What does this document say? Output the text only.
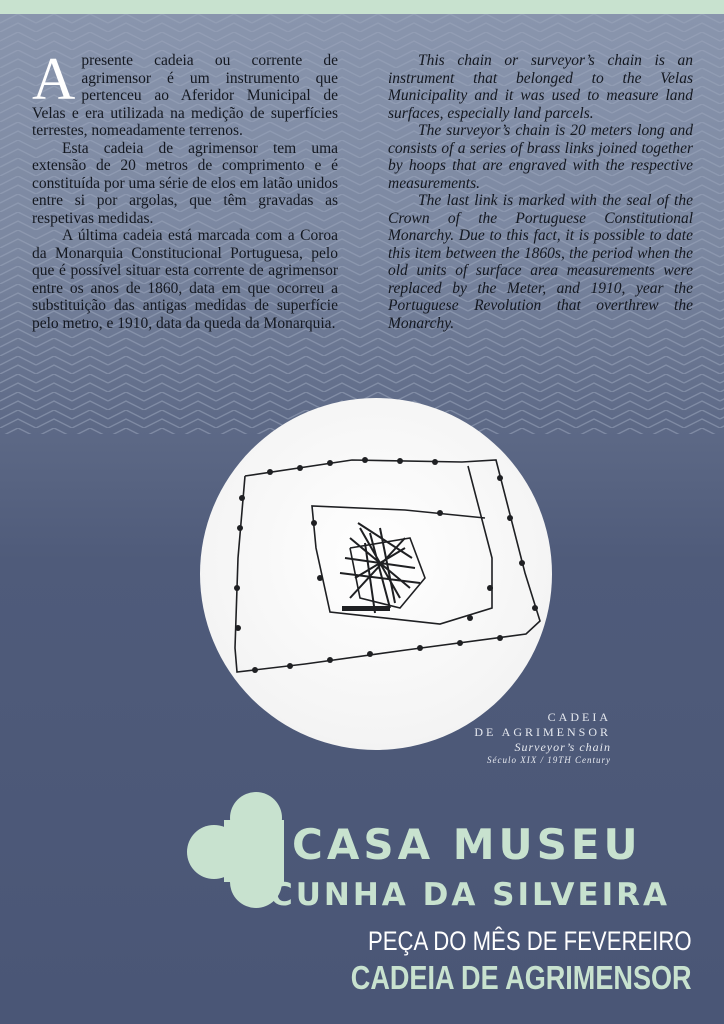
Apresente cadeia ou corrente de agrimensor é um instrumento que pertenceu ao Aferidor Municipal de Velas e era utilizada na medição de superfícies terrestes, nomeadamente terrenos.

Esta cadeia de agrimensor tem uma extensão de 20 metros de comprimento e é constituída por uma série de elos em latão unidos entre si por argolas, que têm gravadas as respetivas medidas.

A última cadeia está marcada com a Coroa da Monarquia Constitucional Portuguesa, pelo que é possível situar esta corrente de agrimensor entre os anos de 1860, data em que ocorreu a substituição das antigas medidas de superfície pelo metro, e 1910, data da queda da Monarquia.

This chain or surveyor’s chain is an instrument that belonged to the Velas Municipality and it was used to measure land surfaces, especially land parcels.

The surveyor’s chain is 20 meters long and consists of a series of brass links joined together by hoops that are engraved with the respective measurements.

The last link is marked with the seal of the Crown of the Portuguese Constitutional Monarchy. Due to this fact, it is possible to date this item between the 1860s, the period when the old units of surface area measurements were replaced by the Meter, and 1910, year the Portuguese Revolution that overthrew the Monarchy.

CADEIA
DE AGRIMENSOR
Surveyor’s chain
Século XIX / 19TH Century
CASA MUSEU
CUNHA DA SILVEIRA
PEÇA DO MÊS DE FEVEREIRO
CADEIA DE AGRIMENSOR
